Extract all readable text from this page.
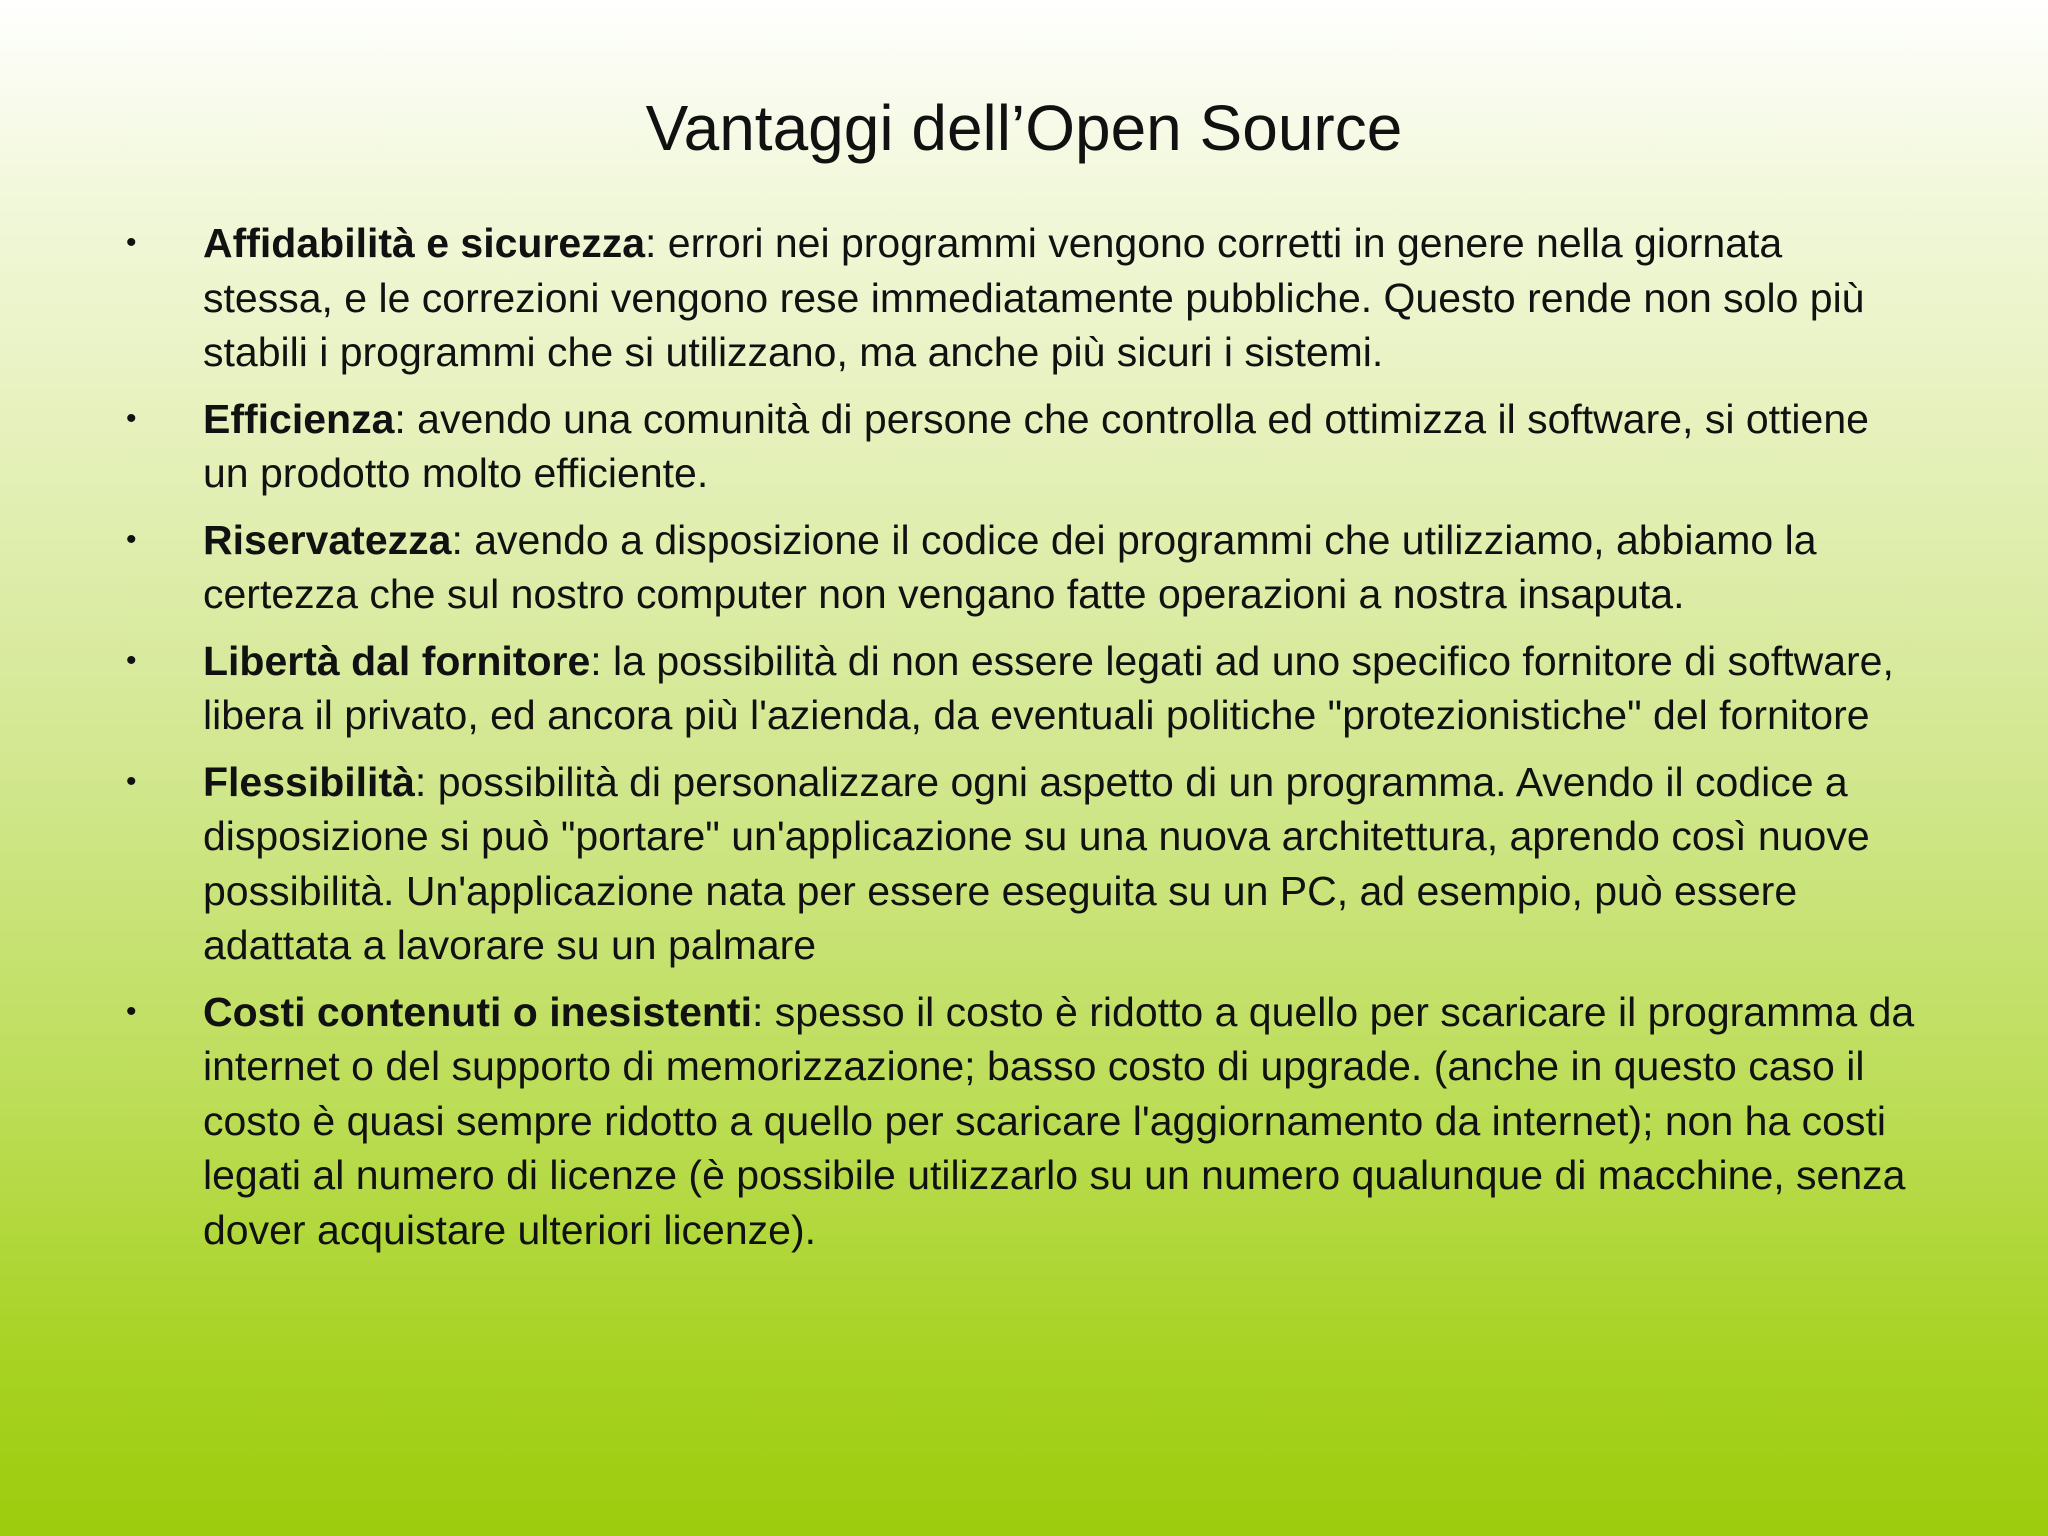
Vantaggi dell’Open Source
• Affidabilità e sicurezza: errori nei programmi vengono corretti in genere nella giornata stessa, e le correzioni vengono rese immediatamente pubbliche. Questo rende non solo più stabili i programmi che si utilizzano, ma anche più sicuri i sistemi.
• Efficienza: avendo una comunità di persone che controlla ed ottimizza il software, si ottiene un prodotto molto efficiente.
• Riservatezza: avendo a disposizione il codice dei programmi che utilizziamo, abbiamo la certezza che sul nostro computer non vengano fatte operazioni a nostra insaputa.
• Libertà dal fornitore: la possibilità di non essere legati ad uno specifico fornitore di software, libera il privato, ed ancora più l'azienda, da eventuali politiche "protezionistiche" del fornitore
• Flessibilità: possibilità di personalizzare ogni aspetto di un programma. Avendo il codice a disposizione si può "portare" un'applicazione su una nuova architettura, aprendo così nuove possibilità. Un'applicazione nata per essere eseguita su un PC, ad esempio, può essere adattata a lavorare su un palmare
• Costi contenuti o inesistenti: spesso il costo è ridotto a quello per scaricare il programma da internet o del supporto di memorizzazione; basso costo di upgrade. (anche in questo caso il costo è quasi sempre ridotto a quello per scaricare l'aggiornamento da internet); non ha costi legati al numero di licenze (è possibile utilizzarlo su un numero qualunque di macchine, senza dover acquistare ulteriori licenze).
